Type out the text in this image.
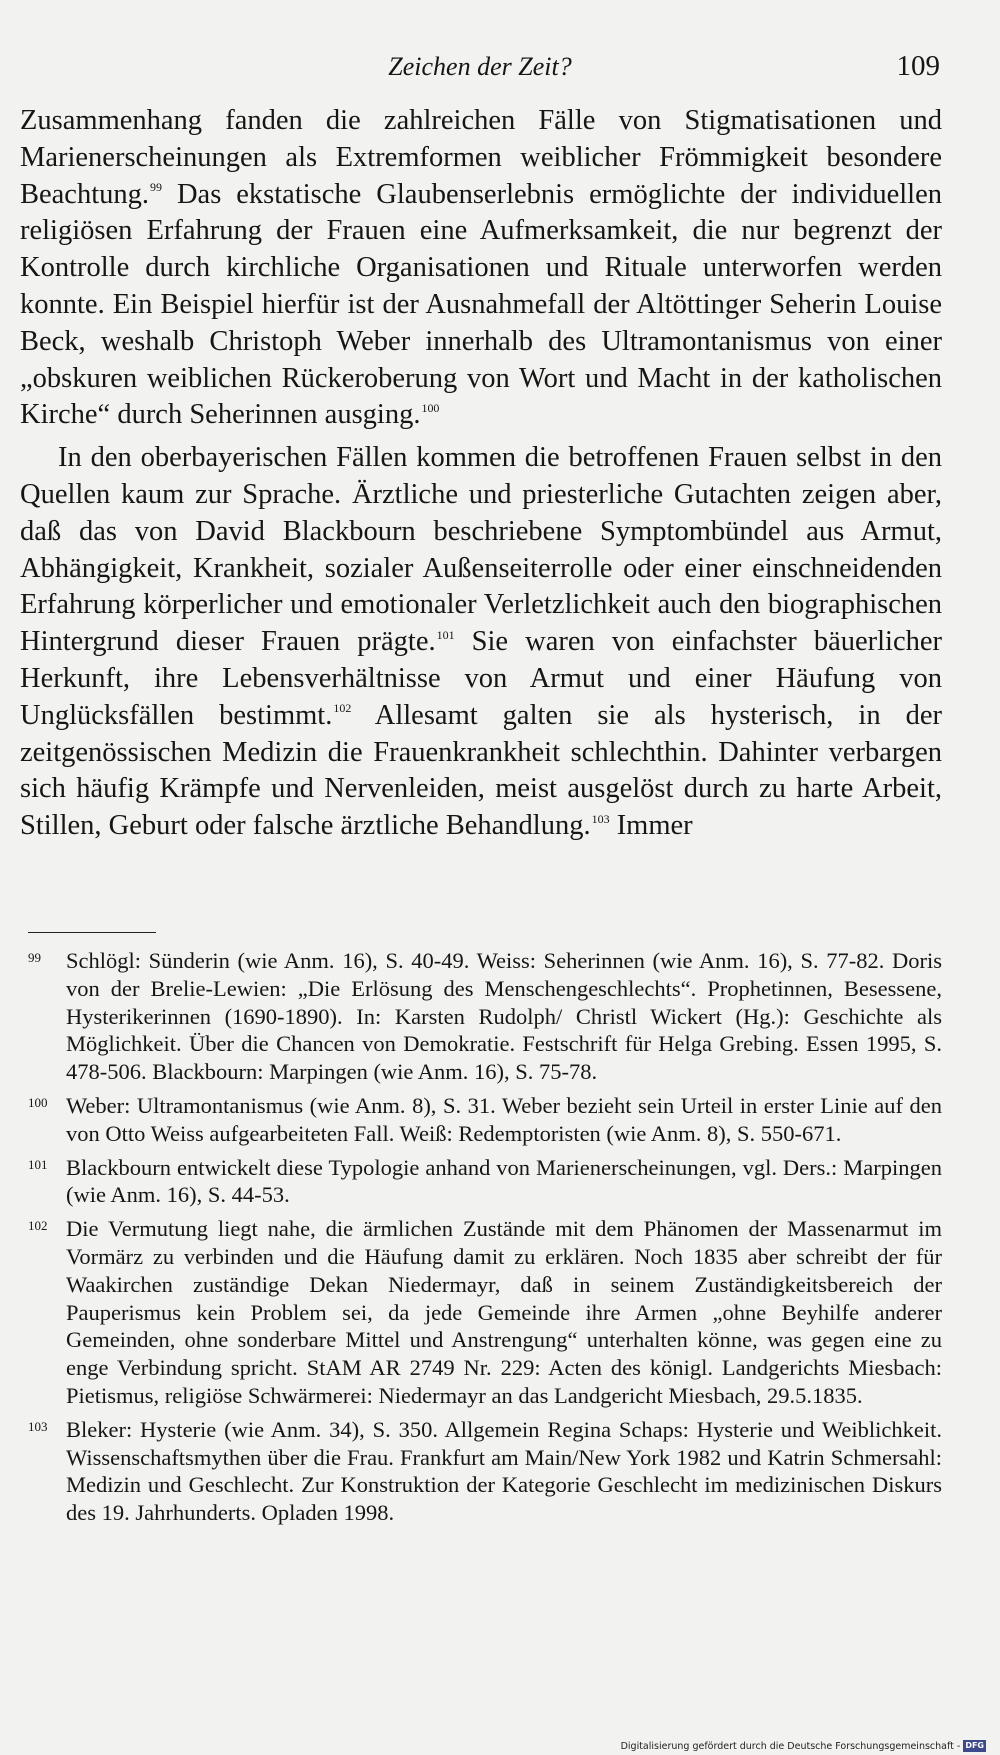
Zeichen der Zeit?	109

Zusammenhang fanden die zahlreichen Fälle von Stigmatisationen und Marienerscheinungen als Extremformen weiblicher Frömmigkeit besondere Beachtung.$^{99}$ Das ekstatische Glaubenserlebnis ermöglichte der individuellen religiösen Erfahrung der Frauen eine Aufmerksamkeit, die nur begrenzt der Kontrolle durch kirchliche Organisationen und Rituale unterworfen werden konnte. Ein Beispiel hierfür ist der Ausnahmefall der Altöttinger Seherin Louise Beck, weshalb Christoph Weber innerhalb des Ultramontanismus von einer „obskuren weiblichen Rückeroberung von Wort und Macht in der katholischen Kirche“ durch Seherinnen ausging.$^{100}$

In den oberbayerischen Fällen kommen die betroffenen Frauen selbst in den Quellen kaum zur Sprache. Ärztliche und priesterliche Gutachten zeigen aber, daß das von David Blackbourn beschriebene Symptombündel aus Armut, Abhängigkeit, Krankheit, sozialer Außenseiterrolle oder einer einschneidenden Erfahrung körperlicher und emotionaler Verletzlichkeit auch den biographischen Hintergrund dieser Frauen prägte.$^{101}$ Sie waren von einfachster bäuerlicher Herkunft, ihre Lebensverhältnisse von Armut und einer Häufung von Unglücksfällen bestimmt.$^{102}$ Allesamt galten sie als hysterisch, in der zeitgenössischen Medizin die Frauenkrankheit schlechthin. Dahinter verbargen sich häufig Krämpfe und Nervenleiden, meist ausgelöst durch zu harte Arbeit, Stillen, Geburt oder falsche ärztliche Behandlung.$^{103}$ Immer

99 Schlögl: Sünderin (wie Anm. 16), S. 40-49. Weiss: Seherinnen (wie Anm. 16), S. 77-82. Doris von der Brelie-Lewien: „Die Erlösung des Menschengeschlechts“. Prophetinnen, Besessene, Hysterikerinnen (1690-1890). In: Karsten Rudolph/ Christl Wickert (Hg.): Geschichte als Möglichkeit. Über die Chancen von Demokratie. Festschrift für Helga Grebing. Essen 1995, S. 478-506. Blackbourn: Marpingen (wie Anm. 16), S. 75-78.
100 Weber: Ultramontanismus (wie Anm. 8), S. 31. Weber bezieht sein Urteil in erster Linie auf den von Otto Weiss aufgearbeiteten Fall. Weiß: Redemptoristen (wie Anm. 8), S. 550-671.
101 Blackbourn entwickelt diese Typologie anhand von Marienerscheinungen, vgl. Ders.: Marpingen (wie Anm. 16), S. 44-53.
102 Die Vermutung liegt nahe, die ärmlichen Zustände mit dem Phänomen der Massenarmut im Vormärz zu verbinden und die Häufung damit zu erklären. Noch 1835 aber schreibt der für Waakirchen zuständige Dekan Niedermayr, daß in seinem Zuständigkeitsbereich der Pauperismus kein Problem sei, da jede Gemeinde ihre Armen „ohne Beyhilfe anderer Gemeinden, ohne sonderbare Mittel und Anstrengung“ unterhalten könne, was gegen eine zu enge Verbindung spricht. StAM AR 2749 Nr. 229: Acten des königl. Landgerichts Miesbach: Pietismus, religiöse Schwärmerei: Niedermayr an das Landgericht Miesbach, 29.5.1835.
103 Bleker: Hysterie (wie Anm. 34), S. 350. Allgemein Regina Schaps: Hysterie und Weiblichkeit. Wissenschaftsmythen über die Frau. Frankfurt am Main/New York 1982 und Katrin Schmersahl: Medizin und Geschlecht. Zur Konstruktion der Kategorie Geschlecht im medizinischen Diskurs des 19. Jahrhunderts. Opladen 1998.
Digitalisierung gefördert durch die Deutsche Forschungsgemeinschaft - DFG
